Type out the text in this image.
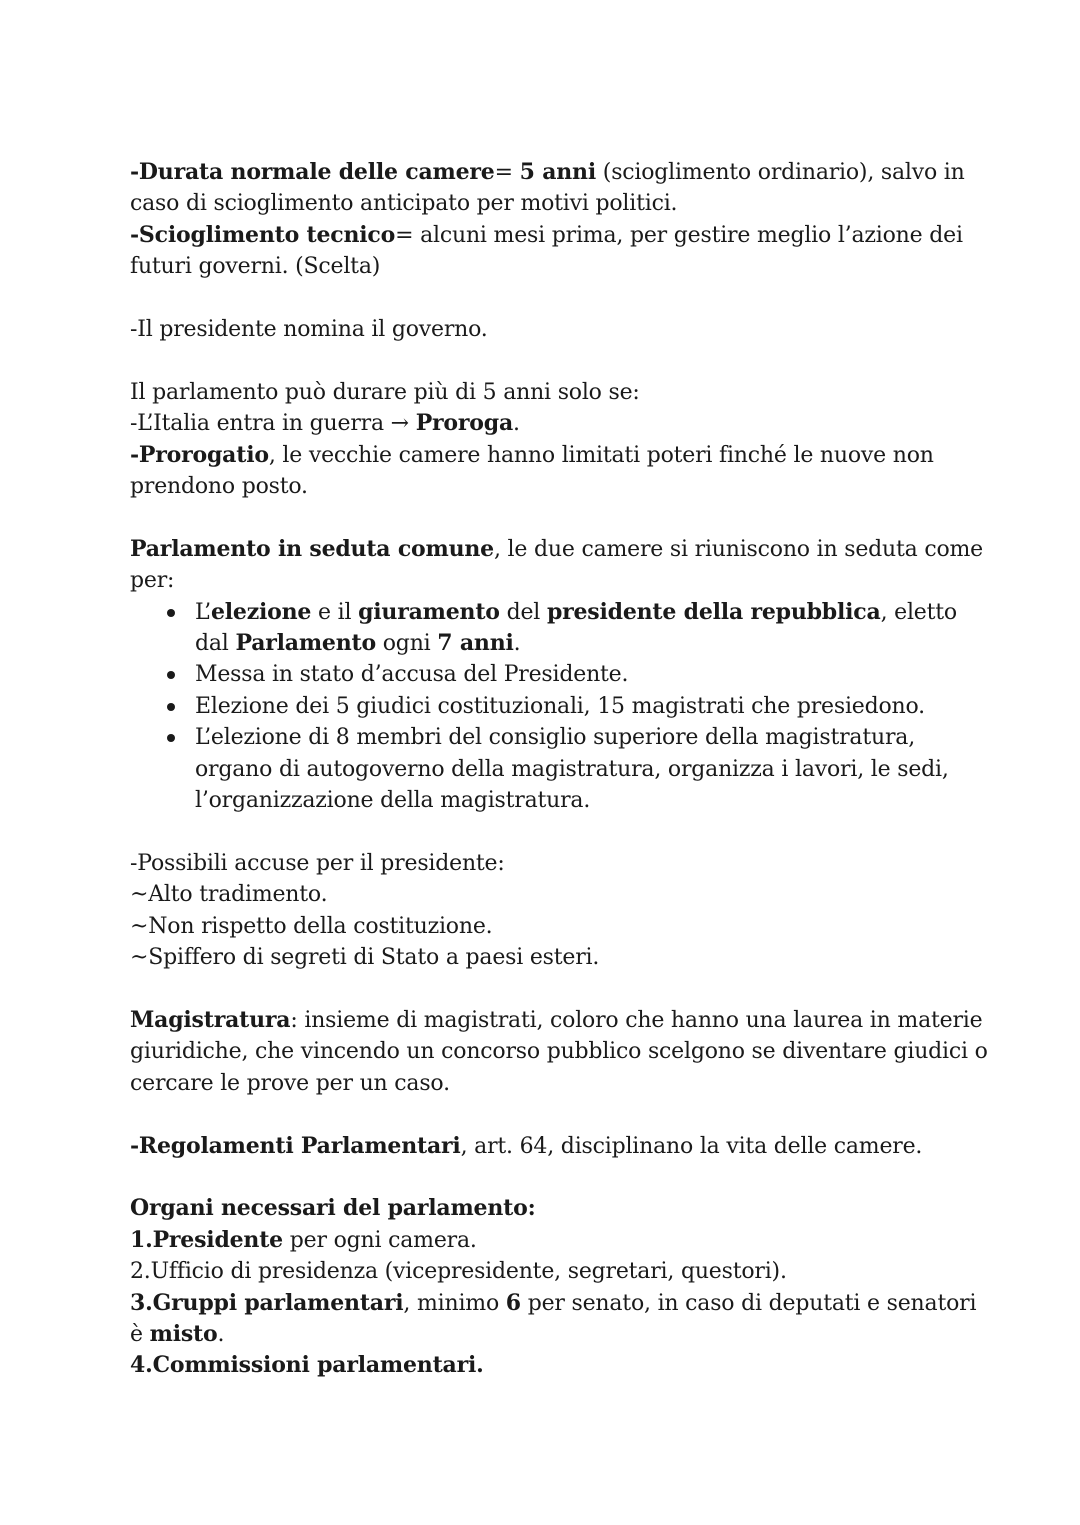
-Durata normale delle camere= 5 anni (scioglimento ordinario), salvo in caso di scioglimento anticipato per motivi politici.

-Scioglimento tecnico= alcuni mesi prima, per gestire meglio l’azione dei futuri governi. (Scelta)

-Il presidente nomina il governo.

Il parlamento può durare più di 5 anni solo se:

-L’Italia entra in guerra → Proroga.

-Prorogatio, le vecchie camere hanno limitati poteri finché le nuove non prendono posto.

Parlamento in seduta comune, le due camere si riuniscono in seduta come per:

L’elezione e il giuramento del presidente della repubblica, eletto dal Parlamento ogni 7 anni.
Messa in stato d’accusa del Presidente.
Elezione dei 5 giudici costituzionali, 15 magistrati che presiedono.
L’elezione di 8 membri del consiglio superiore della magistratura, organo di autogoverno della magistratura, organizza i lavori, le sedi, l’organizzazione della magistratura.

-Possibili accuse per il presidente:

~Alto tradimento.

~Non rispetto della costituzione.

~Spiffero di segreti di Stato a paesi esteri.

Magistratura: insieme di magistrati, coloro che hanno una laurea in materie giuridiche, che vincendo un concorso pubblico scelgono se diventare giudici o cercare le prove per un caso.

-Regolamenti Parlamentari, art. 64, disciplinano la vita delle camere.

Organi necessari del parlamento:

1.Presidente per ogni camera.

2.Ufficio di presidenza (vicepresidente, segretari, questori).

3.Gruppi parlamentari, minimo 6 per senato, in caso di deputati e senatori è misto.

4.Commissioni parlamentari.
